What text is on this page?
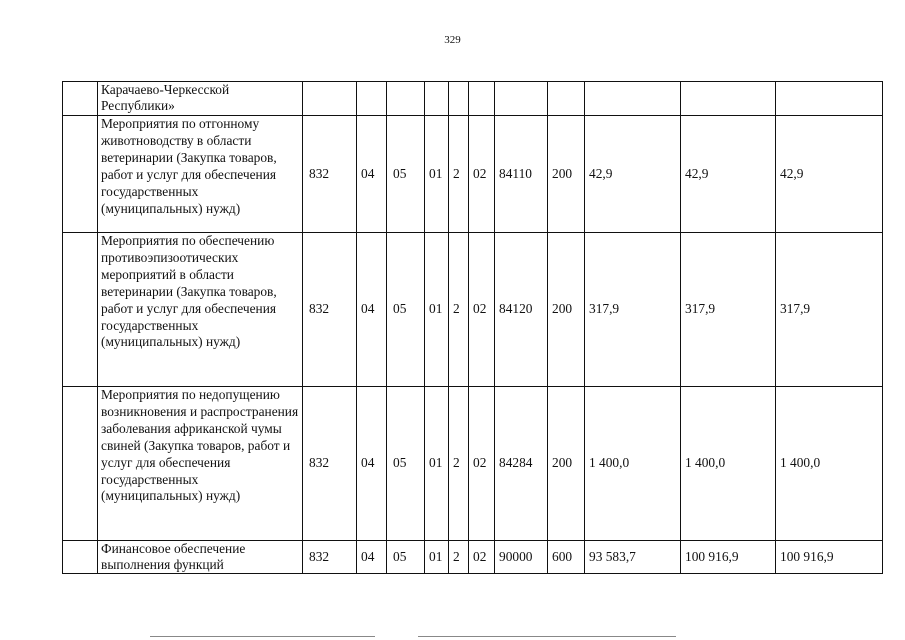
329
	Карачаево-Черкесской Республики»											
	Мероприятия по отгонному животноводству в области ветеринарии (Закупка товаров, работ и услуг для обеспечения государственных (муниципальных) нужд)	832	04	05	01	2	02	84110	200	42,9	42,9	42,9
	Мероприятия по обеспечению противоэпизоотических мероприятий в области ветеринарии (Закупка товаров, работ и услуг для обеспечения государственных (муниципальных) нужд)	832	04	05	01	2	02	84120	200	317,9	317,9	317,9
	Мероприятия по недопущению возникновения и распространения заболевания африканской чумы свиней (Закупка товаров, работ и услуг для обеспечения государственных (муниципальных) нужд)	832	04	05	01	2	02	84284	200	1 400,0	1 400,0	1 400,0
	Финансовое обеспечение выполнения функций	832	04	05	01	2	02	90000	600	93 583,7	100 916,9	100 916,9
